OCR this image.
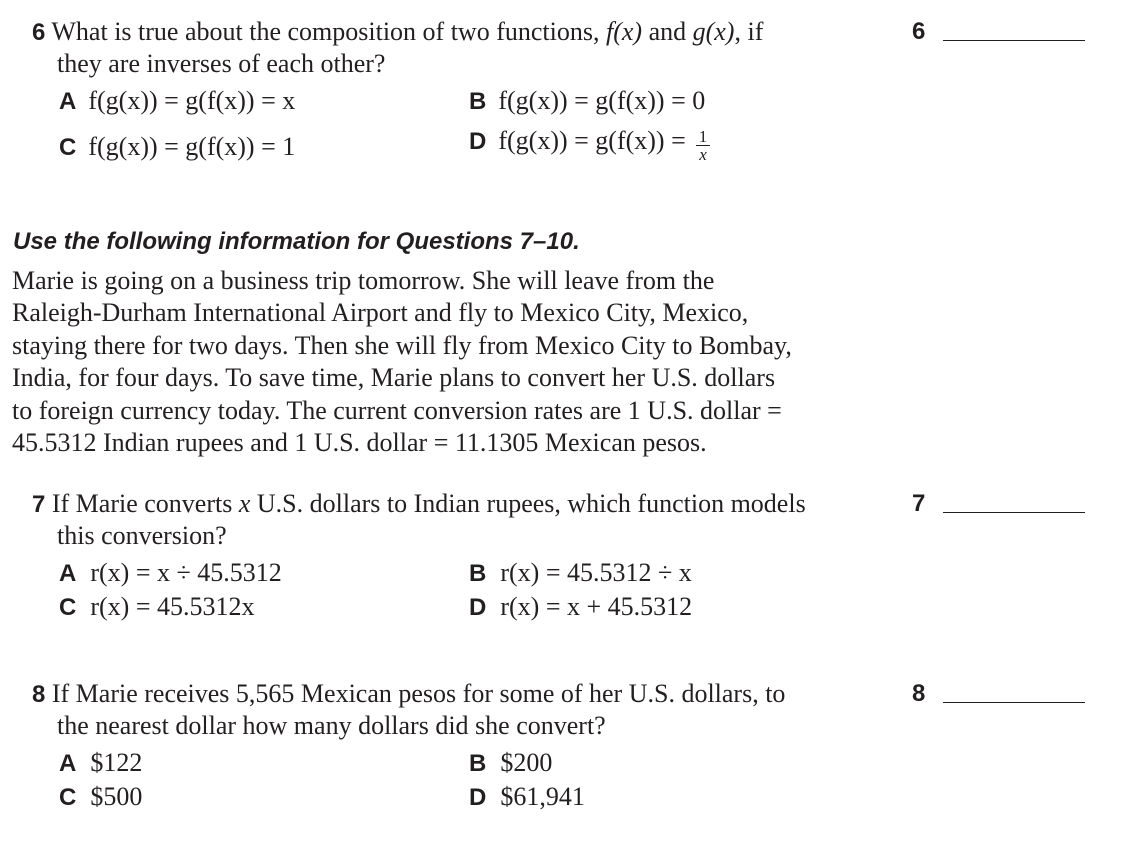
6 What is true about the composition of two functions, f(x) and g(x), if
they are inverses of each other?
A f(g(x)) = g(f(x)) = x	B f(g(x)) = g(f(x)) = 0
C f(g(x)) = g(f(x)) = 1	D $f(g(x)) = g(f(x)) = \frac{1}{x}$
6
Use the following information for Questions 7–10.
Marie is going on a business trip tomorrow. She will leave from the
Raleigh-Durham International Airport and fly to Mexico City, Mexico,
staying there for two days. Then she will fly from Mexico City to Bombay,
India, for four days. To save time, Marie plans to convert her U.S. dollars
to foreign currency today. The current conversion rates are 1 U.S. dollar =
45.5312 Indian rupees and 1 U.S. dollar = 11.1305 Mexican pesos.
7 If Marie converts x U.S. dollars to Indian rupees, which function models
this conversion?
A r(x) = x ÷ 45.5312	B r(x) = 45.5312 ÷ x
C r(x) = 45.5312x	D r(x) = x + 45.5312
7
8 If Marie receives 5,565 Mexican pesos for some of her U.S. dollars, to
the nearest dollar how many dollars did she convert?
A $122	B $200
C $500	D $61,941
8
